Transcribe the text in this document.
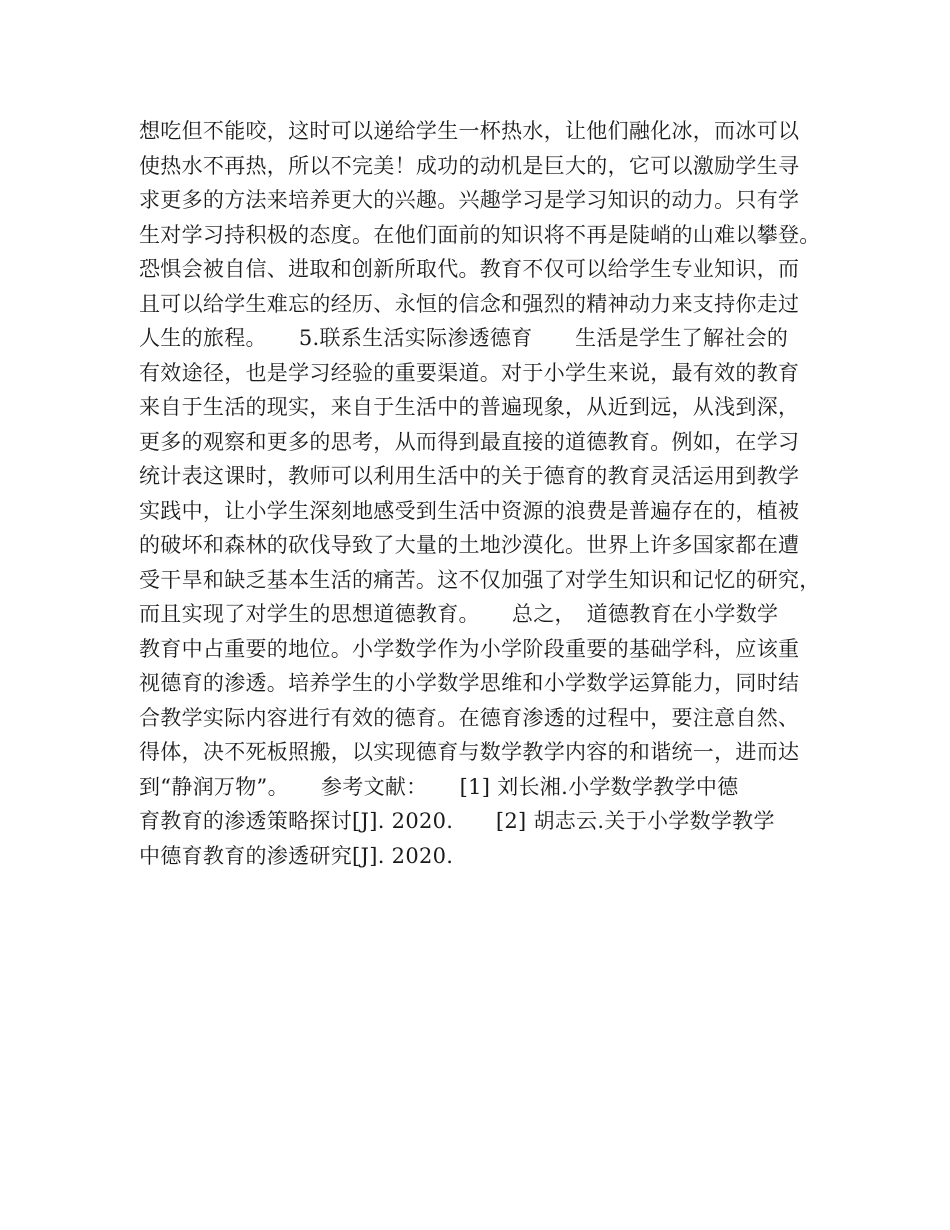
想吃但不能咬，这时可以递给学生一杯热水，让他们融化冰，而冰可以
使热水不再热，所以不完美！成功的动机是巨大的，它可以激励学生寻
求更多的方法来培养更大的兴趣。兴趣学习是学习知识的动力。只有学
生对学习持积极的态度。在他们面前的知识将不再是陡峭的山难以攀登。
恐惧会被自信、进取和创新所取代。教育不仅可以给学生专业知识，而
且可以给学生难忘的经历、永恒的信念和强烈的精神动力来支持你走过
人生的旅程。　　5.联系生活实际渗透德育　　生活是学生了解社会的
有效途径，也是学习经验的重要渠道。对于小学生来说，最有效的教育
来自于生活的现实，来自于生活中的普遍现象，从近到远，从浅到深，
更多的观察和更多的思考，从而得到最直接的道德教育。例如，在学习
统计表这课时，教师可以利用生活中的关于德育的教育灵活运用到教学
实践中，让小学生深刻地感受到生活中资源的浪费是普遍存在的，植被
的破坏和森林的砍伐导致了大量的土地沙漠化。世界上许多国家都在遭
受干旱和缺乏基本生活的痛苦。这不仅加强了对学生知识和记忆的研究，
而且实现了对学生的思想道德教育。　　总之，　道德教育在小学数学
教育中占重要的地位。小学数学作为小学阶段重要的基础学科，应该重
视德育的渗透。培养学生的小学数学思维和小学数学运算能力，同时结
合教学实际内容进行有效的德育。在德育渗透的过程中，要注意自然、
得体，决不死板照搬，以实现德育与数学教学内容的和谐统一，进而达
到“静润万物”。　　参考文献：　　[1] 刘长湘.小学数学教学中德
育教育的渗透策略探讨[J]. 2020.　　[2] 胡志云.关于小学数学教学
中德育教育的渗透研究[J]. 2020.
